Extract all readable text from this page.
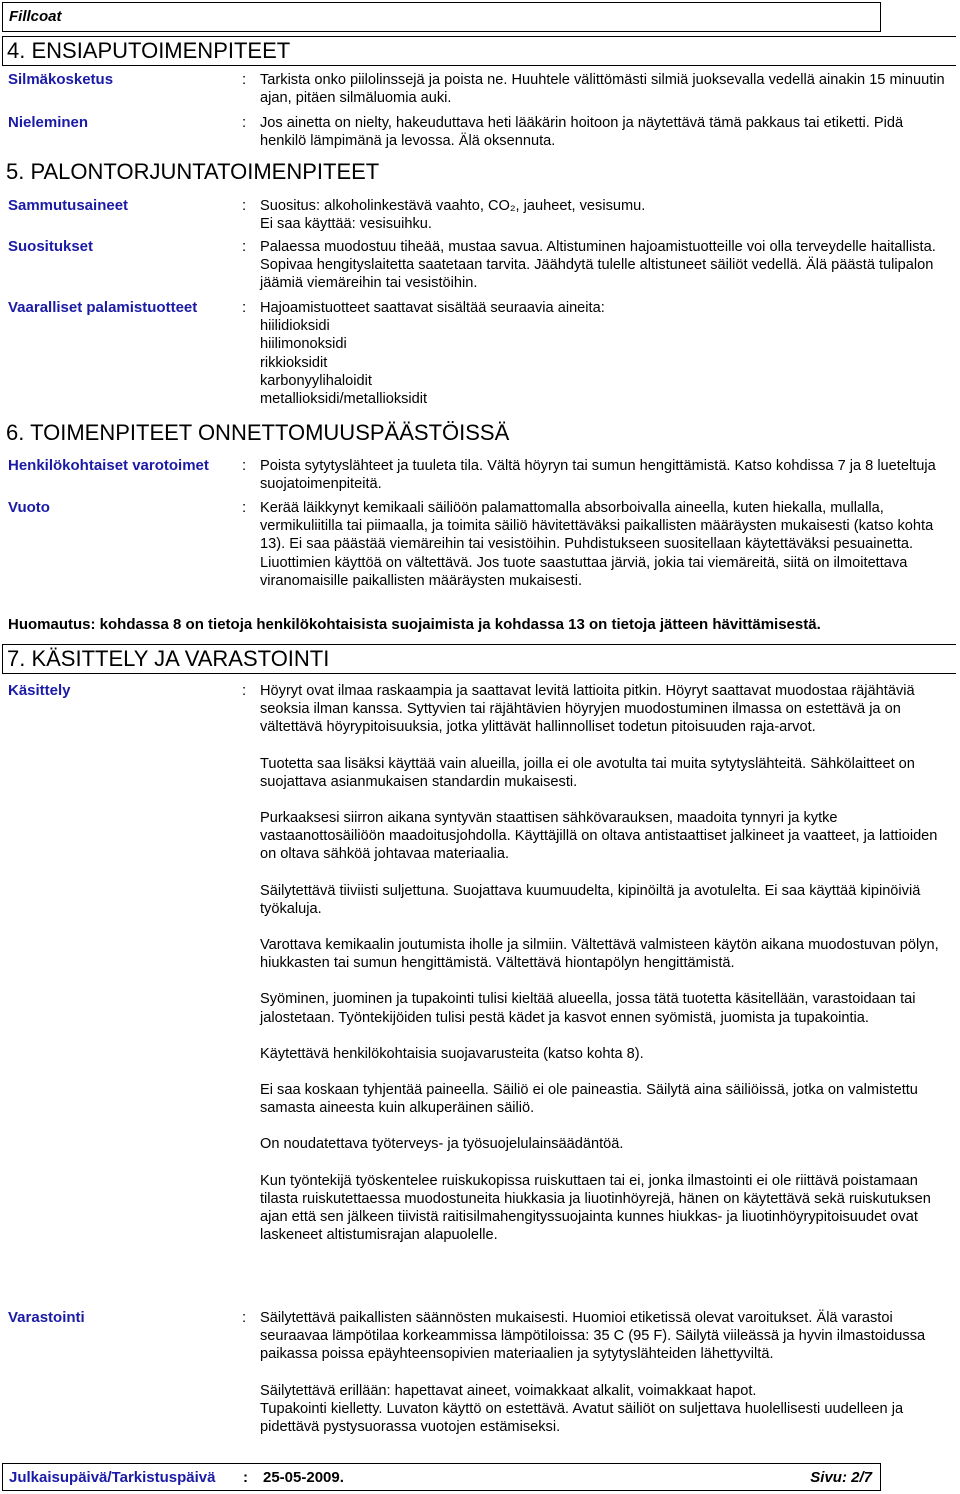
Fillcoat
4. ENSIAPUTOIMENPITEET
Silmäkosketus	: Tarkista onko piilolinssejä ja poista ne. Huuhtele välittömästi silmiä juoksevalla vedellä ainakin 15 minuutin ajan, pitäen silmäluomia auki.
Nieleminen	: Jos ainetta on nielty, hakeuduttava heti lääkärin hoitoon ja näytettävä tämä pakkaus tai etiketti. Pidä henkilö lämpimänä ja levossa. Älä oksennuta.
5. PALONTORJUNTATOIMENPITEET
Sammutusaineet	: Suositus: alkoholinkestävä vaahto, CO₂, jauheet, vesisumu.

Ei saa käyttää: vesisuihku.

Suositukset	: Palaessa muodostuu tiheää, mustaa savua. Altistuminen hajoamistuotteille voi olla terveydelle haitallista. Sopivaa hengityslaitetta saatetaan tarvita. Jäähdytä tulelle altistuneet säiliöt vedellä. Älä päästä tulipalon jäämiä viemäreihin tai vesistöihin.
Vaaralliset palamistuotteet	: Hajoamistuotteet saattavat sisältää seuraavia aineita:

hiilidioksidi

hiilimonoksidi

rikkioksidit

karbonyylihaloidit

metallioksidi/metallioksidit

6. TOIMENPITEET ONNETTOMUUSPÄÄSTÖISSÄ
Henkilökohtaiset varotoimet : Poista sytytyslähteet ja tuuleta tila. Vältä höyryn tai sumun hengittämistä. Katso kohdissa 7 ja 8 lueteltuja suojatoimenpiteitä.
Vuoto	: Kerää läikkynyt kemikaali säiliöön palamattomalla absorboivalla aineella, kuten hiekalla, mullalla, vermikuliitilla tai piimaalla, ja toimita säiliö hävitettäväksi paikallisten määräysten mukaisesti (katso kohta 13). Ei saa päästää viemäreihin tai vesistöihin. Puhdistukseen suositellaan käytettäväksi pesuainetta. Liuottimien käyttöä on vältettävä. Jos tuote saastuttaa järviä, jokia tai viemäreitä, siitä on ilmoitettava viranomaisille paikallisten määräysten mukaisesti.
Huomautus: kohdassa 8 on tietoja henkilökohtaisista suojaimista ja kohdassa 13 on tietoja jätteen hävittämisestä.
7. KÄSITTELY JA VARASTOINTI
Käsittely	: Höyryt ovat ilmaa raskaampia ja saattavat levitä lattioita pitkin. Höyryt saattavat muodostaa räjähtäviä seoksia ilman kanssa. Syttyvien tai räjähtävien höyryjen muodostuminen ilmassa on estettävä ja on vältettävä höyrypitoisuuksia, jotka ylittävät hallinnolliset todetun pitoisuuden raja-arvot.

Tuotetta saa lisäksi käyttää vain alueilla, joilla ei ole avotulta tai muita sytytyslähteitä. Sähkölaitteet on suojattava asianmukaisen standardin mukaisesti.

Purkaaksesi siirron aikana syntyvän staattisen sähkövarauksen, maadoita tynnyri ja kytke vastaanottosäiliöön maadoitusjohdolla. Käyttäjillä on oltava antistaattiset jalkineet ja vaatteet, ja lattioiden on oltava sähköä johtavaa materiaalia.

Säilytettävä tiiviisti suljettuna. Suojattava kuumuudelta, kipinöiltä ja avotulelta. Ei saa käyttää kipinöiviä työkaluja.

Varottava kemikaalin joutumista iholle ja silmiin. Vältettävä valmisteen käytön aikana muodostuvan pölyn, hiukkasten tai sumun hengittämistä. Vältettävä hiontapölyn hengittämistä.

Syöminen, juominen ja tupakointi tulisi kieltää alueella, jossa tätä tuotetta käsitellään, varastoidaan tai jalostetaan. Työntekijöiden tulisi pestä kädet ja kasvot ennen syömistä, juomista ja tupakointia.

Käytettävä henkilökohtaisia suojavarusteita (katso kohta 8).

Ei saa koskaan tyhjentää paineella. Säiliö ei ole paineastia. Säilytä aina säiliöissä, jotka on valmistettu samasta aineesta kuin alkuperäinen säiliö.

On noudatettava työterveys- ja työsuojelulainsäädäntöä.

Kun työntekijä työskentelee ruiskukopissa ruiskuttaen tai ei, jonka ilmastointi ei ole riittävä poistamaan tilasta ruiskutettaessa muodostuneita hiukkasia ja liuotinhöyrejä, hänen on käytettävä sekä ruiskutuksen ajan että sen jälkeen tiivistä raitisilmahengityssuojainta kunnes hiukkas- ja liuotinhöyrypitoisuudet ovat laskeneet altistumisrajan alapuolelle.

Varastointi	: Säilytettävä paikallisten säännösten mukaisesti. Huomioi etiketissä olevat varoitukset. Älä varastoi seuraavaa lämpötilaa korkeammissa lämpötiloissa: 35 C (95 F). Säilytä viileässä ja hyvin ilmastoidussa paikassa poissa epäyhteensopivien materiaalien ja sytytyslähteiden lähettyviltä.

Säilytettävä erillään: hapettavat aineet, voimakkaat alkalit, voimakkaat hapot.

Tupakointi kielletty. Luvaton käyttö on estettävä. Avatut säiliöt on suljettava huolellisesti uudelleen ja pidettävä pystysuorassa vuotojen estämiseksi.

Julkaisupäivä/Tarkistuspäivä : 25-05-2009.	Sivu: 2/7
